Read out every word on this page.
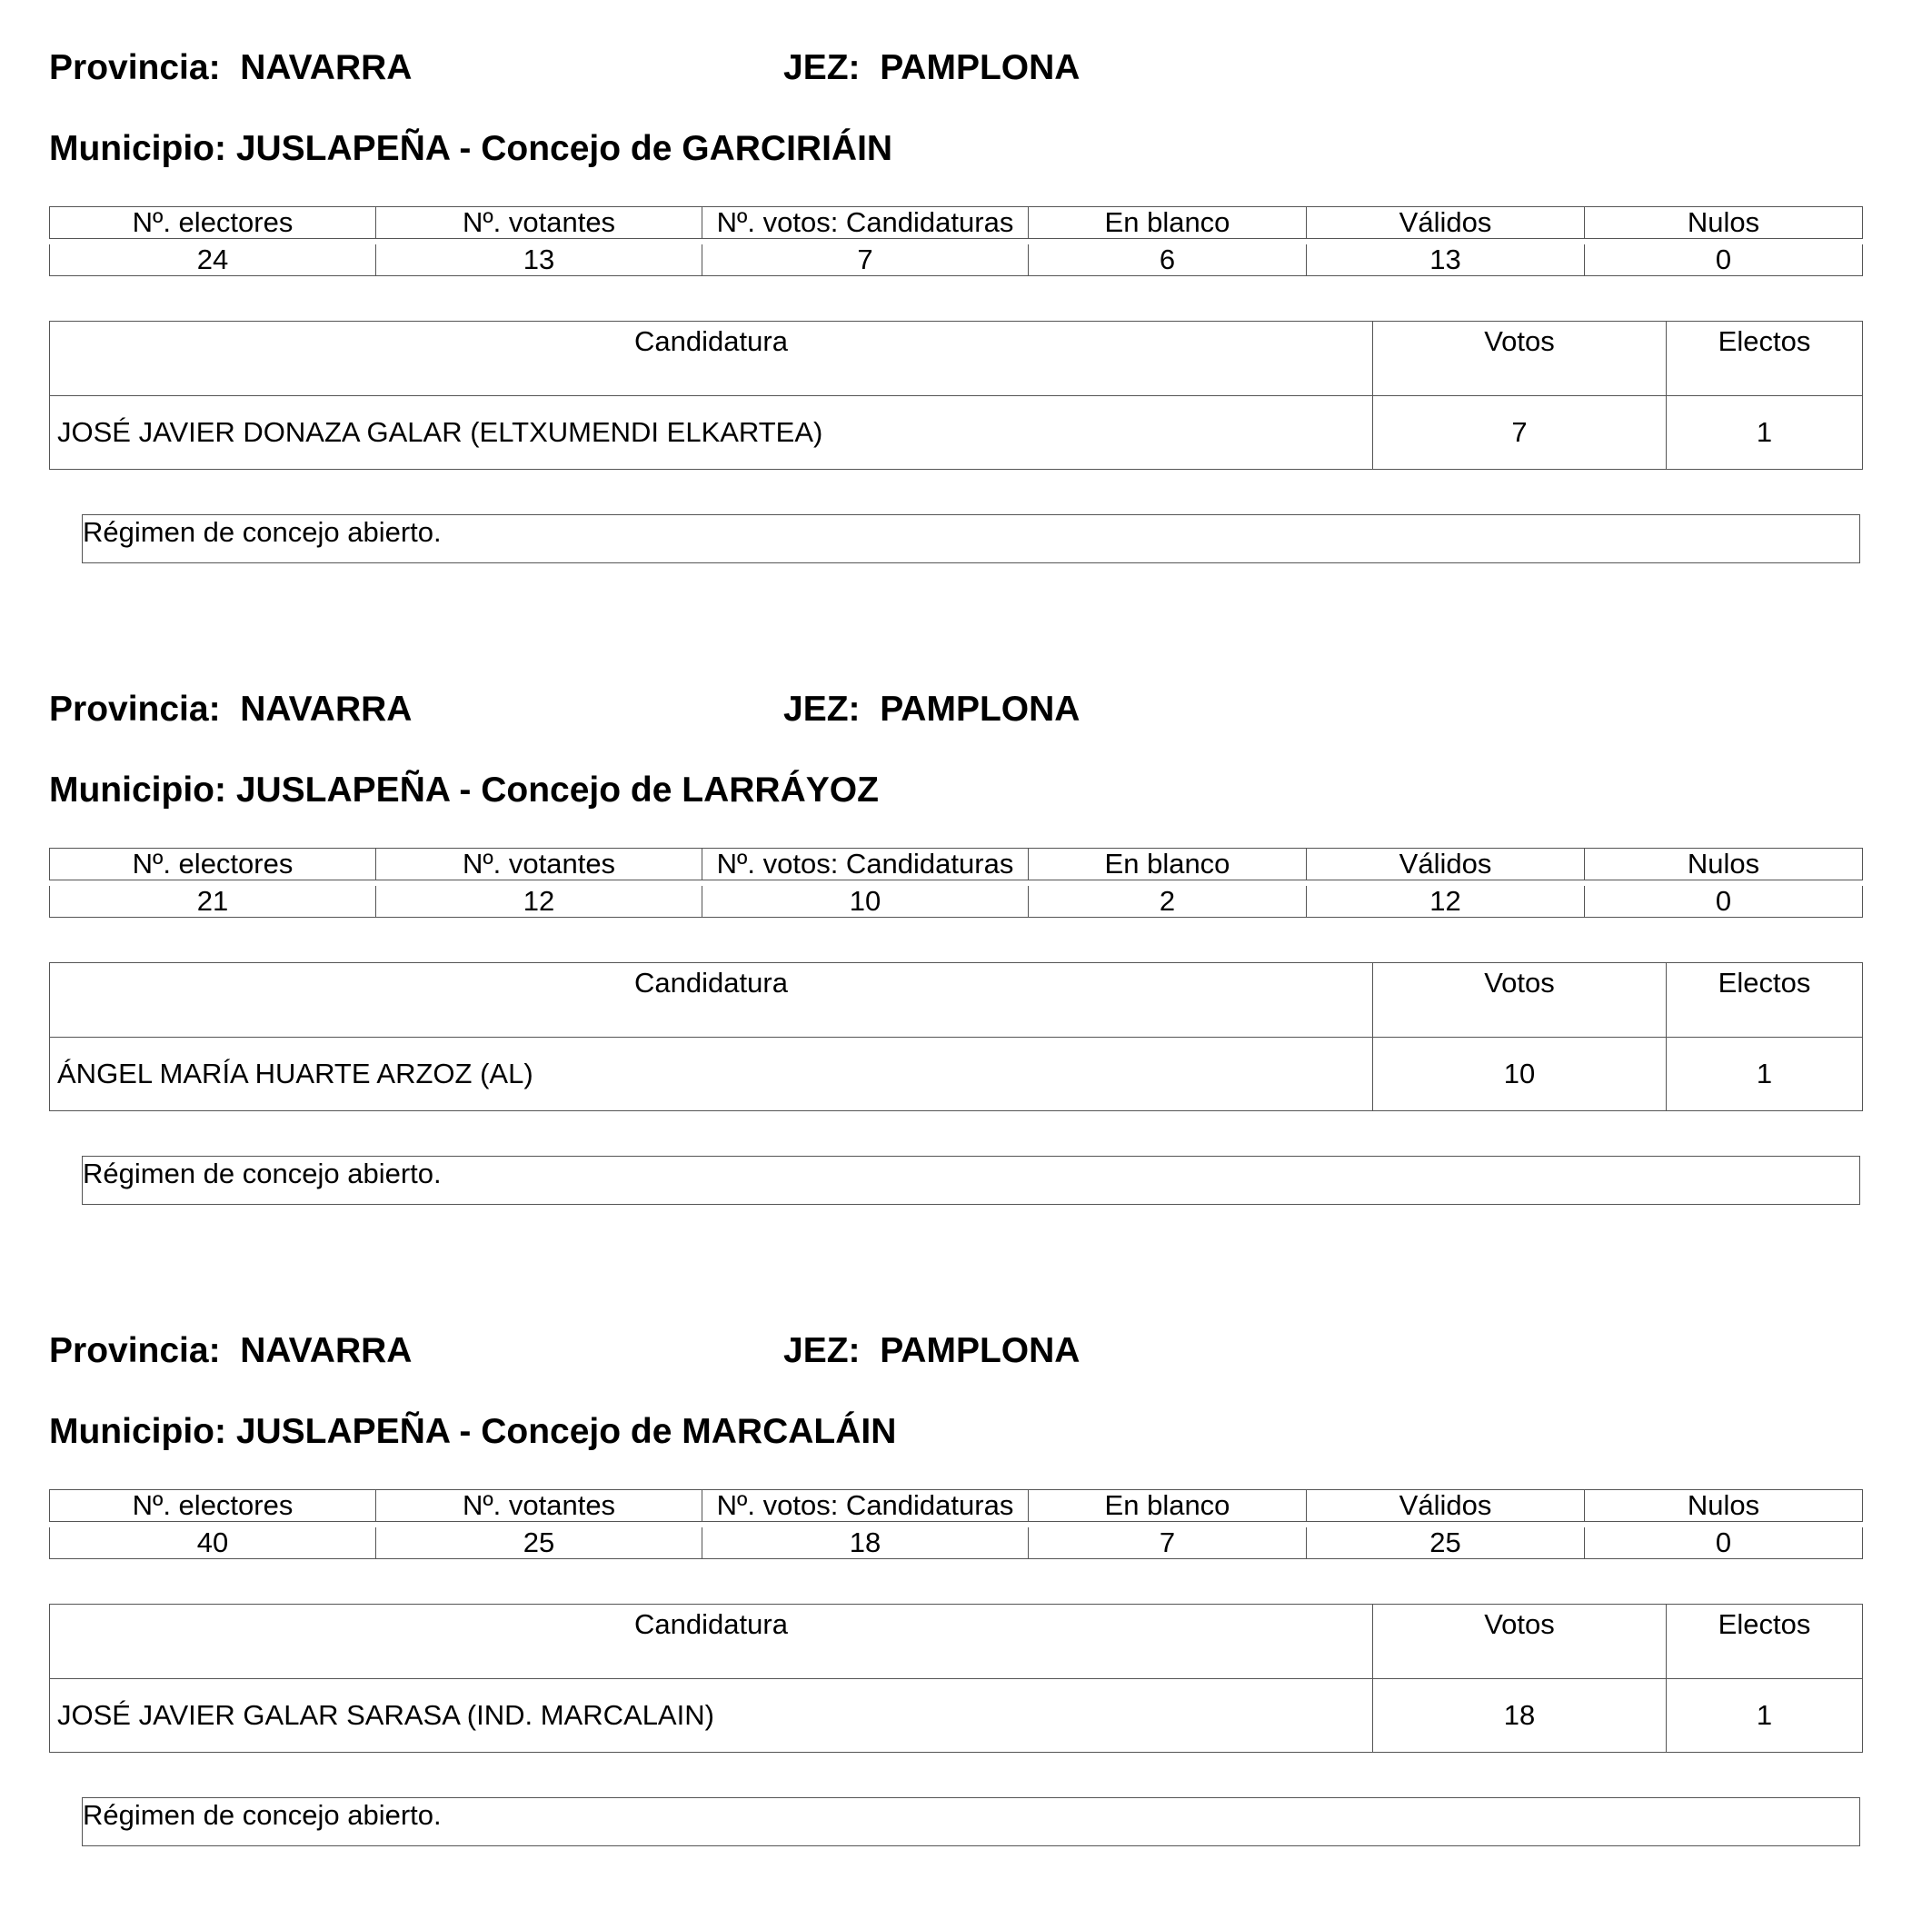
Provincia: NAVARRA	JEZ: PAMPLONA
Municipio: JUSLAPEÑA - Concejo de GARCIRIÁIN
Nº. electores	Nº. votantes	Nº. votos: Candidaturas	En blanco	Válidos	Nulos

24	13	7	6	13	0
Candidatura	Votos	Electos
JOSÉ JAVIER DONAZA GALAR (ELTXUMENDI ELKARTEA)	7	1
Régimen de concejo abierto.
Provincia: NAVARRA	JEZ: PAMPLONA
Municipio: JUSLAPEÑA - Concejo de LARRÁYOZ
Nº. electores	Nº. votantes	Nº. votos: Candidaturas	En blanco	Válidos	Nulos

21	12	10	2	12	0
Candidatura	Votos	Electos
ÁNGEL MARÍA HUARTE ARZOZ (AL)	10	1
Régimen de concejo abierto.
Provincia: NAVARRA	JEZ: PAMPLONA
Municipio: JUSLAPEÑA - Concejo de MARCALÁIN
Nº. electores	Nº. votantes	Nº. votos: Candidaturas	En blanco	Válidos	Nulos

40	25	18	7	25	0
Candidatura	Votos	Electos
JOSÉ JAVIER GALAR SARASA (IND. MARCALAIN)	18	1
Régimen de concejo abierto.
